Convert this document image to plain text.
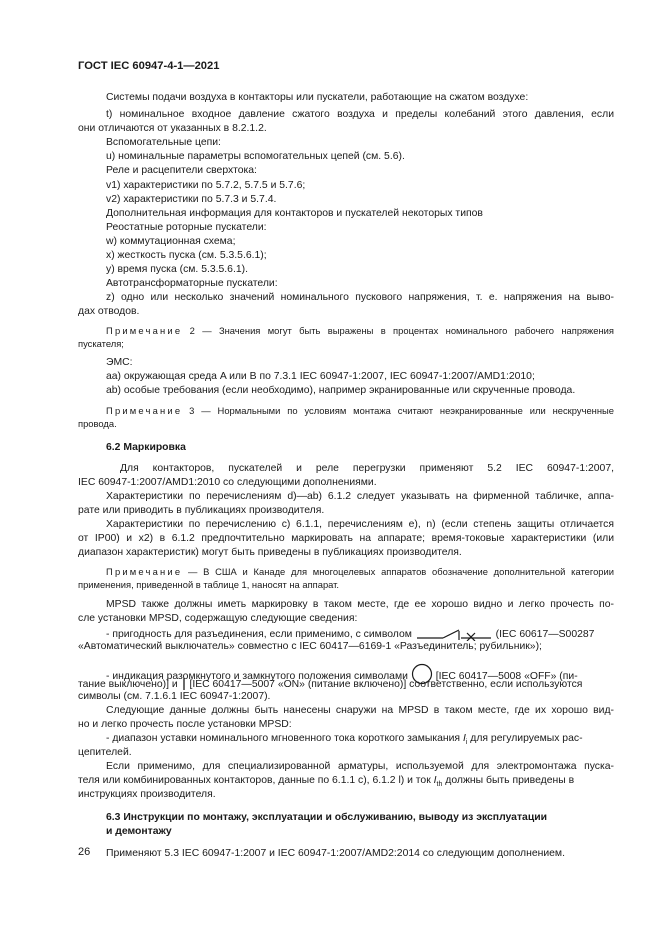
ГОСТ IEC 60947-4-1—2021
Системы подачи воздуха в контакторы или пускатели, работающие на сжатом воздухе:
t) номинальное входное давление сжатого воздуха и пределы колебаний этого давления, если
они отличаются от указанных в 8.2.1.2.
Вспомогательные цепи:
u) номинальные параметры вспомогательных цепей (см. 5.6).
Реле и расцепители сверхтока:
v1) характеристики по 5.7.2, 5.7.5 и 5.7.6;
v2) характеристики по 5.7.3 и 5.7.4.
Дополнительная информация для контакторов и пускателей некоторых типов
Реостатные роторные пускатели:
w) коммутационная схема;
x) жесткость пуска (см. 5.3.5.6.1);
y) время пуска (см. 5.3.5.6.1).
Автотрансформаторные пускатели:
z) одно или несколько значений номинального пускового напряжения, т. е. напряжения на выво-
дах отводов.
Примечание 2 — Значения могут быть выражены в процентах номинального рабочего напряжения
пускателя;
ЭМС:
aa) окружающая среда A или B по 7.3.1 IEC 60947-1:2007, IEC 60947-1:2007/AMD1:2010;
ab) особые требования (если необходимо), например экранированные или скрученные провода.
Примечание 3 — Нормальными по условиям монтажа считают неэкранированные или нескрученные
провода.
6.2 Маркировка
Для контакторов, пускателей и реле перегрузки применяют 5.2 IEC 60947-1:2007,
IEC 60947-1:2007/AMD1:2010 со следующими дополнениями.
Характеристики по перечислениям d)—ab) 6.1.2 следует указывать на фирменной табличке, аппа-
рате или приводить в публикациях производителя.
Характеристики по перечислению c) 6.1.1, перечислениям e), n) (если степень защиты отличается
от IP00) и x2) в 6.1.2 предпочтительно маркировать на аппарате; время-токовые характеристики (или
диапазон характеристик) могут быть приведены в публикациях производителя.
Примечание — В США и Канаде для многоцелевых аппаратов обозначение дополнительной категории
применения, приведенной в таблице 1, наносят на аппарат.
MPSD также должны иметь маркировку в таком месте, где ее хорошо видно и легко прочесть по-
сле установки MPSD, содержащую следующие сведения:
- пригодность для разъединения, если применимо, с символом	(IEC 60617—S00287
«Автоматический выключатель» совместно с IEC 60417—6169-1 «Разъединитель; рубильник»);
- индикация разомкнутого и замкнутого положения символами	[IEC 60417—5008 «OFF» (пи-
тание выключено)] и [IEC 60417—5007 «ON» (питание включено)] соответственно, если используются
символы (см. 7.1.6.1 IEC 60947-1:2007).
Следующие данные должны быть нанесены снаружи на MPSD в таком месте, где их хорошо вид-
но и легко прочесть после установки MPSD:
- диапазон уставки номинального мгновенного тока короткого замыкания $I_i$ для регулируемых рас-
цепителей.
Если применимо, для специализированной арматуры, используемой для электромонтажа пуска-
теля или комбинированных контакторов, данные по 6.1.1 c), 6.1.2 l) и ток $I_{th}$ должны быть приведены в
инструкциях производителя.
6.3 Инструкции по монтажу, эксплуатации и обслуживанию, выводу из эксплуатации
и демонтажу
Применяют 5.3 IEC 60947-1:2007 и IEC 60947-1:2007/AMD2:2014 со следующим дополнением.
26
